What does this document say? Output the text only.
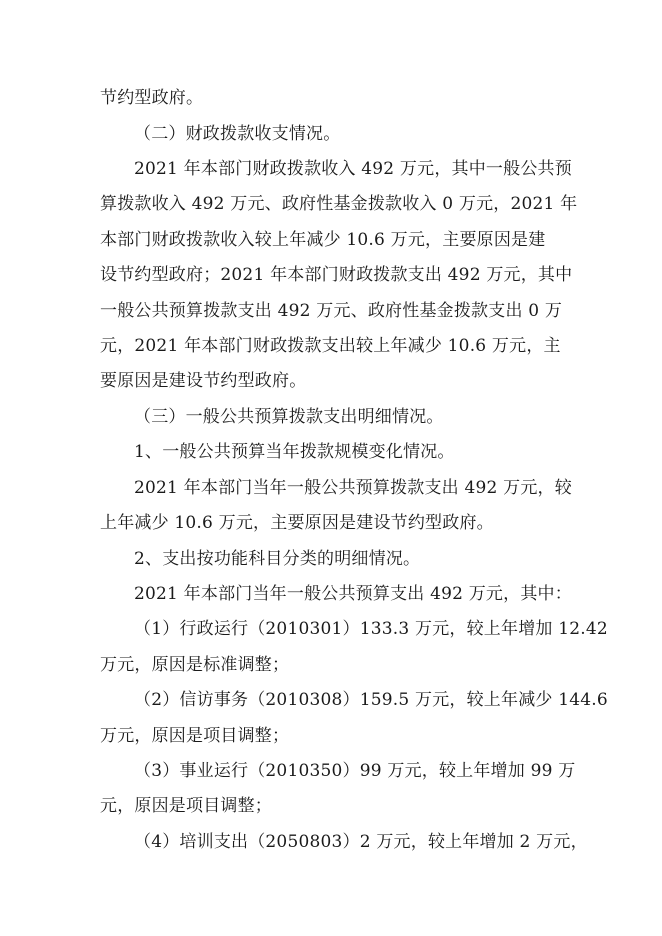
节约型政府。
（二）财政拨款收支情况。
2021 年本部门财政拨款收入 492 万元，其中一般公共预
算拨款收入 492 万元、政府性基金拨款收入 0 万元，2021 年
本部门财政拨款收入较上年减少 10.6 万元，主要原因是建
设节约型政府；2021 年本部门财政拨款支出 492 万元，其中
一般公共预算拨款支出 492 万元、政府性基金拨款支出 0 万
元，2021 年本部门财政拨款支出较上年减少 10.6 万元，主
要原因是建设节约型政府。
（三）一般公共预算拨款支出明细情况。
1、一般公共预算当年拨款规模变化情况。
2021 年本部门当年一般公共预算拨款支出 492 万元，较
上年减少 10.6 万元，主要原因是建设节约型政府。
2、支出按功能科目分类的明细情况。
2021 年本部门当年一般公共预算支出 492 万元，其中：
（1）行政运行（2010301）133.3 万元，较上年增加 12.42
万元，原因是标准调整；
（2）信访事务（2010308）159.5 万元，较上年减少 144.6
万元，原因是项目调整；
（3）事业运行（2010350）99 万元，较上年增加 99 万
元，原因是项目调整；
（4）培训支出（2050803）2 万元，较上年增加 2 万元，
